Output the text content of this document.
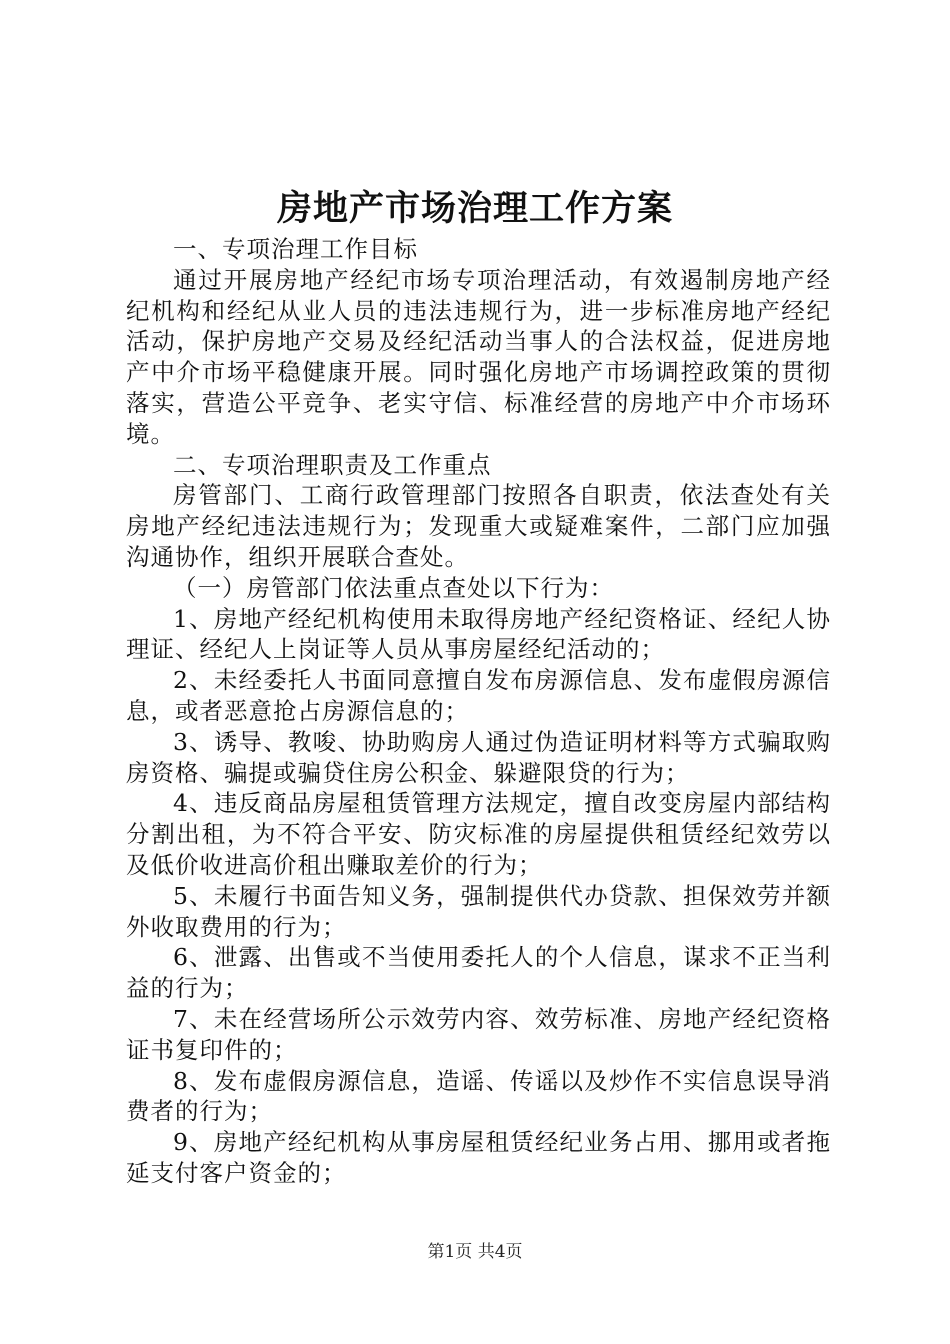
房地产市场治理工作方案

一、专项治理工作目标

通过开展房地产经纪市场专项治理活动，有效遏制房地产经纪机构和经纪从业人员的违法违规行为，进一步标准房地产经纪活动，保护房地产交易及经纪活动当事人的合法权益，促进房地产中介市场平稳健康开展。同时强化房地产市场调控政策的贯彻落实，营造公平竞争、老实守信、标准经营的房地产中介市场环境。

二、专项治理职责及工作重点

房管部门、工商行政管理部门按照各自职责，依法查处有关房地产经纪违法违规行为；发现重大或疑难案件，二部门应加强沟通协作，组织开展联合查处。

（一）房管部门依法重点查处以下行为：

1、房地产经纪机构使用未取得房地产经纪资格证、经纪人协理证、经纪人上岗证等人员从事房屋经纪活动的；

2、未经委托人书面同意擅自发布房源信息、发布虚假房源信息，或者恶意抢占房源信息的；

3、诱导、教唆、协助购房人通过伪造证明材料等方式骗取购房资格、骗提或骗贷住房公积金、躲避限贷的行为；

4、违反商品房屋租赁管理方法规定，擅自改变房屋内部结构分割出租，为不符合平安、防灾标准的房屋提供租赁经纪效劳以及低价收进高价租出赚取差价的行为；

5、未履行书面告知义务，强制提供代办贷款、担保效劳并额外收取费用的行为；

6、泄露、出售或不当使用委托人的个人信息，谋求不正当利益的行为；

7、未在经营场所公示效劳内容、效劳标准、房地产经纪资格证书复印件的；

8、发布虚假房源信息，造谣、传谣以及炒作不实信息误导消费者的行为；

9、房地产经纪机构从事房屋租赁经纪业务占用、挪用或者拖延支付客户资金的；

第1页 共4页
